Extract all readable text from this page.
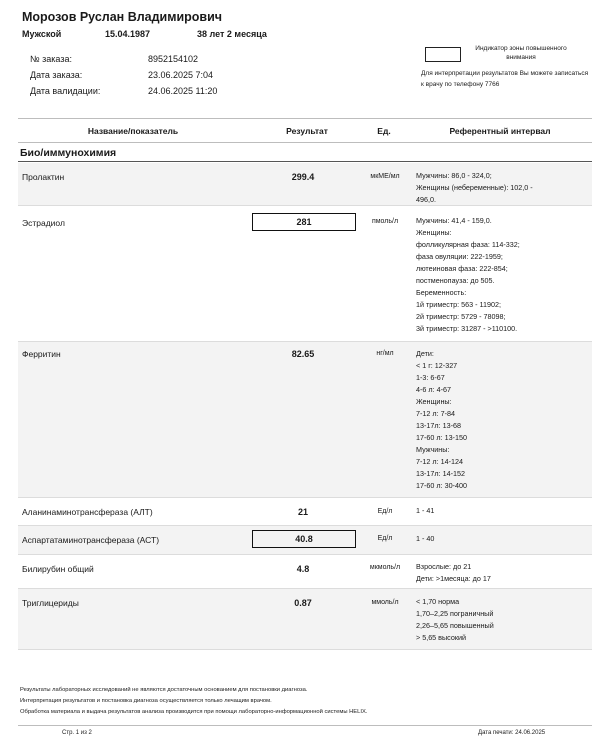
Морозов Руслан Владимирович
Мужской	15.04.1987	38 лет 2 месяца
№ заказа:	8952154102
Дата заказа:	23.06.2025 7:04
Дата валидации:	24.06.2025 11:20
Индикатор зоны повышенного внимания
Для интерпретации результатов Вы можете записаться к врачу по телефону 7766
Название/показатель	Результат	Ед.	Референтный интервал
Био/иммунохимия
Пролактин	299.4	мкМЕ/мл	Мужчины: 86,0 - 324,0;
Женщины (небеременные): 102,0 -
496,0.
Эстрадиол	281	пмоль/л	Мужчины: 41,4 - 159,0.
Женщины:
фолликулярная фаза: 114-332;
фаза овуляции: 222-1959;
лютеиновая фаза: 222-854;
постменопауза: до 505.
Беременность:
1й триместр: 563 - 11902;
2й триместр: 5729 - 78098;
3й триместр: 31287 - >110100.
Ферритин	82.65	нг/мл	Дети:
< 1 г: 12-327
1-3: 6-67
4-6 л: 4-67
Женщины:
7-12 л: 7-84
13-17л: 13-68
17-60 л: 13-150
Мужчины:
7-12 л: 14-124
13-17л: 14-152
17-60 л: 30-400
Аланинаминотрансфераза (АЛТ)	21	Ед/л	1 - 41
Аспартатаминотрансфераза (АСТ)	40.8	Ед/л	1 - 40
Билирубин общий	4.8	мкмоль/л	Взрослые: до 21
Дети: >1месяца: до 17
Триглицериды	0.87	ммоль/л	< 1,70 норма
1,70–2,25 пограничный
2,26–5,65 повышенный
> 5,65 высокий
Результаты лабораторных исследований не являются достаточным основанием для постановки диагноза.
Интерпретация результатов и постановка диагноза осуществляется только лечащим врачом.
Обработка материала и выдача результатов анализа производится при помощи лабораторно-информационной системы HELIX.
Стр. 1 из 2	Дата печати: 24.06.2025
